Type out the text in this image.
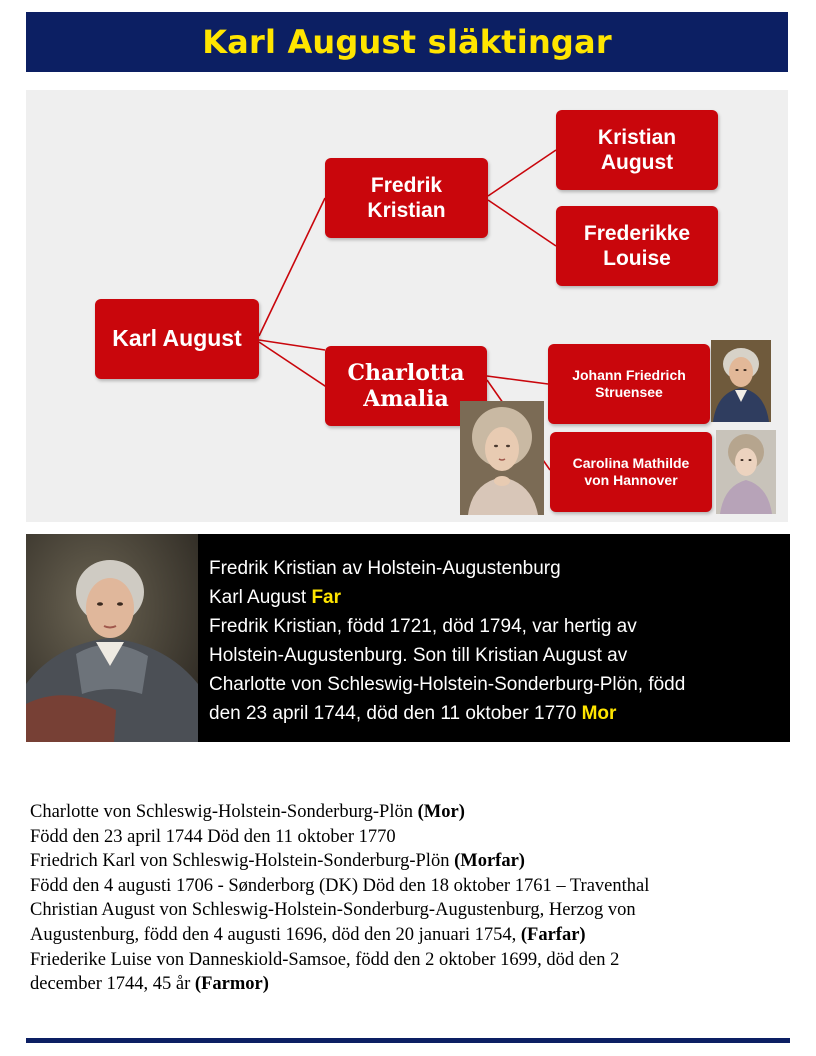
Karl August släktingar
Karl August
Fredrik
Kristian
Kristian
August
Frederikke
Louise
Charlotta
Amalia
Johann Friedrich
Struensee
Carolina Mathilde
von Hannover
Fredrik Kristian av Holstein-Augustenburg
Karl August Far
Fredrik Kristian, född 1721, död 1794, var hertig av
Holstein-Augustenburg. Son till Kristian August av
Charlotte von Schleswig-Holstein-Sonderburg-Plön, född
den 23 april 1744, död den 11 oktober 1770 Mor
Charlotte von Schleswig-Holstein-Sonderburg-Plön (Mor)
Född den 23 april 1744 Död den 11 oktober 1770
Friedrich Karl von Schleswig-Holstein-Sonderburg-Plön (Morfar)
Född den 4 augusti 1706 - Sønderborg (DK) Död den 18 oktober 1761 – Traventhal
Christian August von Schleswig-Holstein-Sonderburg-Augustenburg, Herzog von
Augustenburg, född den 4 augusti 1696, död den 20 januari 1754, (Farfar)
Friederike Luise von Danneskiold-Samsoe, född den 2 oktober 1699, död den 2
december 1744, 45 år (Farmor)
